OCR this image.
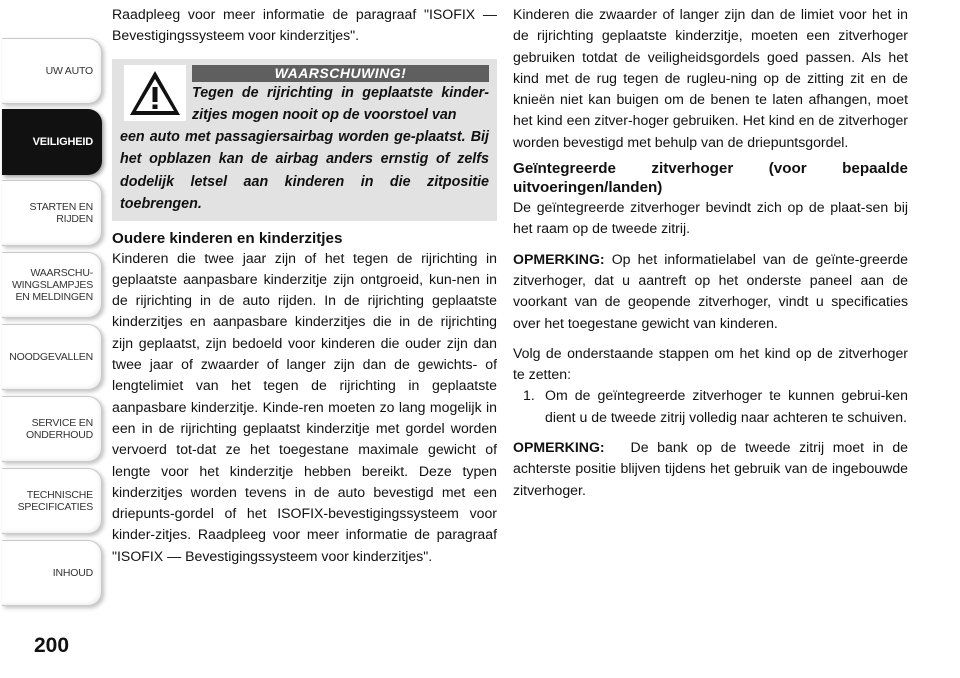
UW AUTO
VEILIGHEID
STARTEN EN
RIJDEN
WAARSCHU-
WINGSLAMPJES
EN MELDINGEN
NOODGEVALLEN
SERVICE EN
ONDERHOUD
TECHNISCHE
SPECIFICATIES
INHOUD
200

Raadpleeg voor meer informatie de paragraaf "ISOFIX — Bevestigingssysteem voor kinderzitjes".

WAARSCHUWING!
Tegen de rijrichting in geplaatste kinder-zitjes mogen nooit op de voorstoel van
een auto met passagiersairbag worden ge-plaatst. Bij het opblazen kan de airbag anders ernstig of zelfs dodelijk letsel aan kinderen in die zitpositie toebrengen.

Oudere kinderen en kinderzitjes

Kinderen die twee jaar zijn of het tegen de rijrichting in geplaatste aanpasbare kinderzitje zijn ontgroeid, kun-nen in de rijrichting in de auto rijden. In de rijrichting geplaatste kinderzitjes en aanpasbare kinderzitjes die in de rijrichting zijn geplaatst, zijn bedoeld voor kinderen die ouder zijn dan twee jaar of zwaarder of langer zijn dan de gewichts- of lengtelimiet van het tegen de rijrichting in geplaatste aanpasbare kinderzitje. Kinde-ren moeten zo lang mogelijk in een in de rijrichting geplaatst kinderzitje met gordel worden vervoerd tot-dat ze het toegestane maximale gewicht of lengte voor het kinderzitje hebben bereikt. Deze typen kinderzitjes worden tevens in de auto bevestigd met een driepunts-gordel of het ISOFIX-bevestigingssysteem voor kinder-zitjes. Raadpleeg voor meer informatie de paragraaf "ISOFIX — Bevestigingssysteem voor kinderzitjes".

Kinderen die zwaarder of langer zijn dan de limiet voor het in de rijrichting geplaatste kinderzitje, moeten een zitverhoger gebruiken totdat de veiligheidsgordels goed passen. Als het kind met de rug tegen de rugleu-ning op de zitting zit en de knieën niet kan buigen om de benen te laten afhangen, moet het kind een zitver-hoger gebruiken. Het kind en de zitverhoger worden bevestigd met behulp van de driepuntsgordel.

Geïntegreerde zitverhoger (voor bepaalde uitvoeringen/landen)

De geïntegreerde zitverhoger bevindt zich op de plaat-sen bij het raam op de tweede zitrij.

OPMERKING: Op het informatielabel van de geïnte-greerde zitverhoger, dat u aantreft op het onderste paneel aan de voorkant van de geopende zitverhoger, vindt u specificaties over het toegestane gewicht van kinderen.

Volg de onderstaande stappen om het kind op de zitverhoger te zetten:

1. Om de geïntegreerde zitverhoger te kunnen gebrui-ken dient u de tweede zitrij volledig naar achteren te schuiven.

OPMERKING:   De bank op de tweede zitrij moet in de achterste positie blijven tijdens het gebruik van de ingebouwde zitverhoger.
